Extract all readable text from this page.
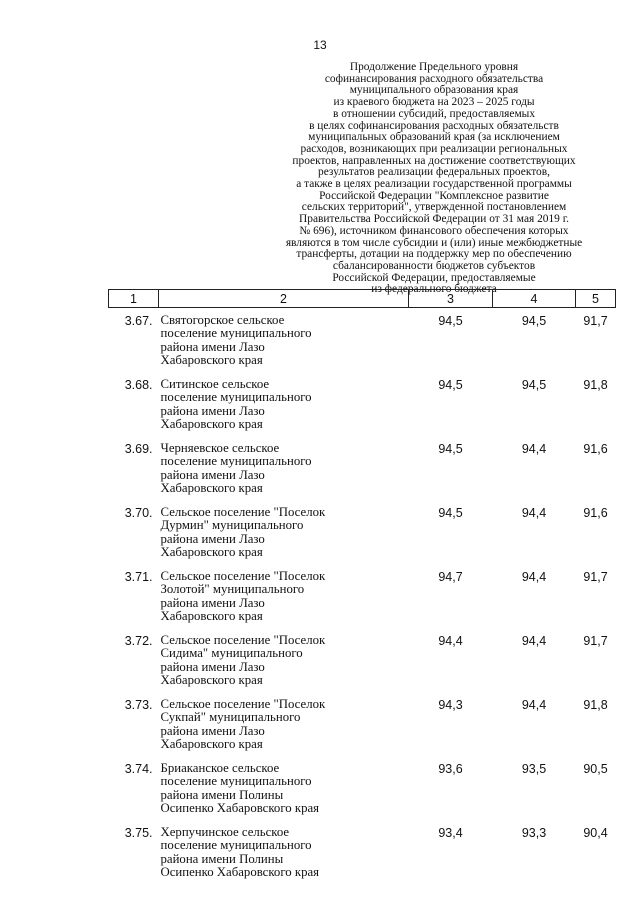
13
Продолжение Предельного уровня
софинансирования расходного обязательства
муниципального образования края
из краевого бюджета на 2023 – 2025 годы
в отношении субсидий, предоставляемых
в целях софинансирования расходных обязательств
муниципальных образований края (за исключением
расходов, возникающих при реализации региональных
проектов, направленных на достижение соответствующих
результатов реализации федеральных проектов,
а также в целях реализации государственной программы
Российской Федерации "Комплексное развитие
сельских территорий", утвержденной постановлением
Правительства Российской Федерации от 31 мая 2019 г.
№ 696), источником финансового обеспечения которых
являются в том числе субсидии и (или) иные межбюджетные
трансферты, дотации на поддержку мер по обеспечению
сбалансированности бюджетов субъектов
Российской Федерации, предоставляемые
из федерального бюджета
1	2	3	4	5
3.67.	Святогорское сельское
поселение муниципального
района имени Лазо
Хабаровского края	94,5	94,5	91,7
3.68.	Ситинское сельское
поселение муниципального
района имени Лазо
Хабаровского края	94,5	94,5	91,8
3.69.	Черняевское сельское
поселение муниципального
района имени Лазо
Хабаровского края	94,5	94,4	91,6
3.70.	Сельское поселение "Поселок
Дурмин" муниципального
района имени Лазо
Хабаровского края	94,5	94,4	91,6
3.71.	Сельское поселение "Поселок
Золотой" муниципального
района имени Лазо
Хабаровского края	94,7	94,4	91,7
3.72.	Сельское поселение "Поселок
Сидима" муниципального
района имени Лазо
Хабаровского края	94,4	94,4	91,7
3.73.	Сельское поселение "Поселок
Сукпай" муниципального
района имени Лазо
Хабаровского края	94,3	94,4	91,8
3.74.	Бриаканское сельское
поселение муниципального
района имени Полины
Осипенко Хабаровского края	93,6	93,5	90,5
3.75.	Херпучинское сельское
поселение муниципального
района имени Полины
Осипенко Хабаровского края	93,4	93,3	90,4
